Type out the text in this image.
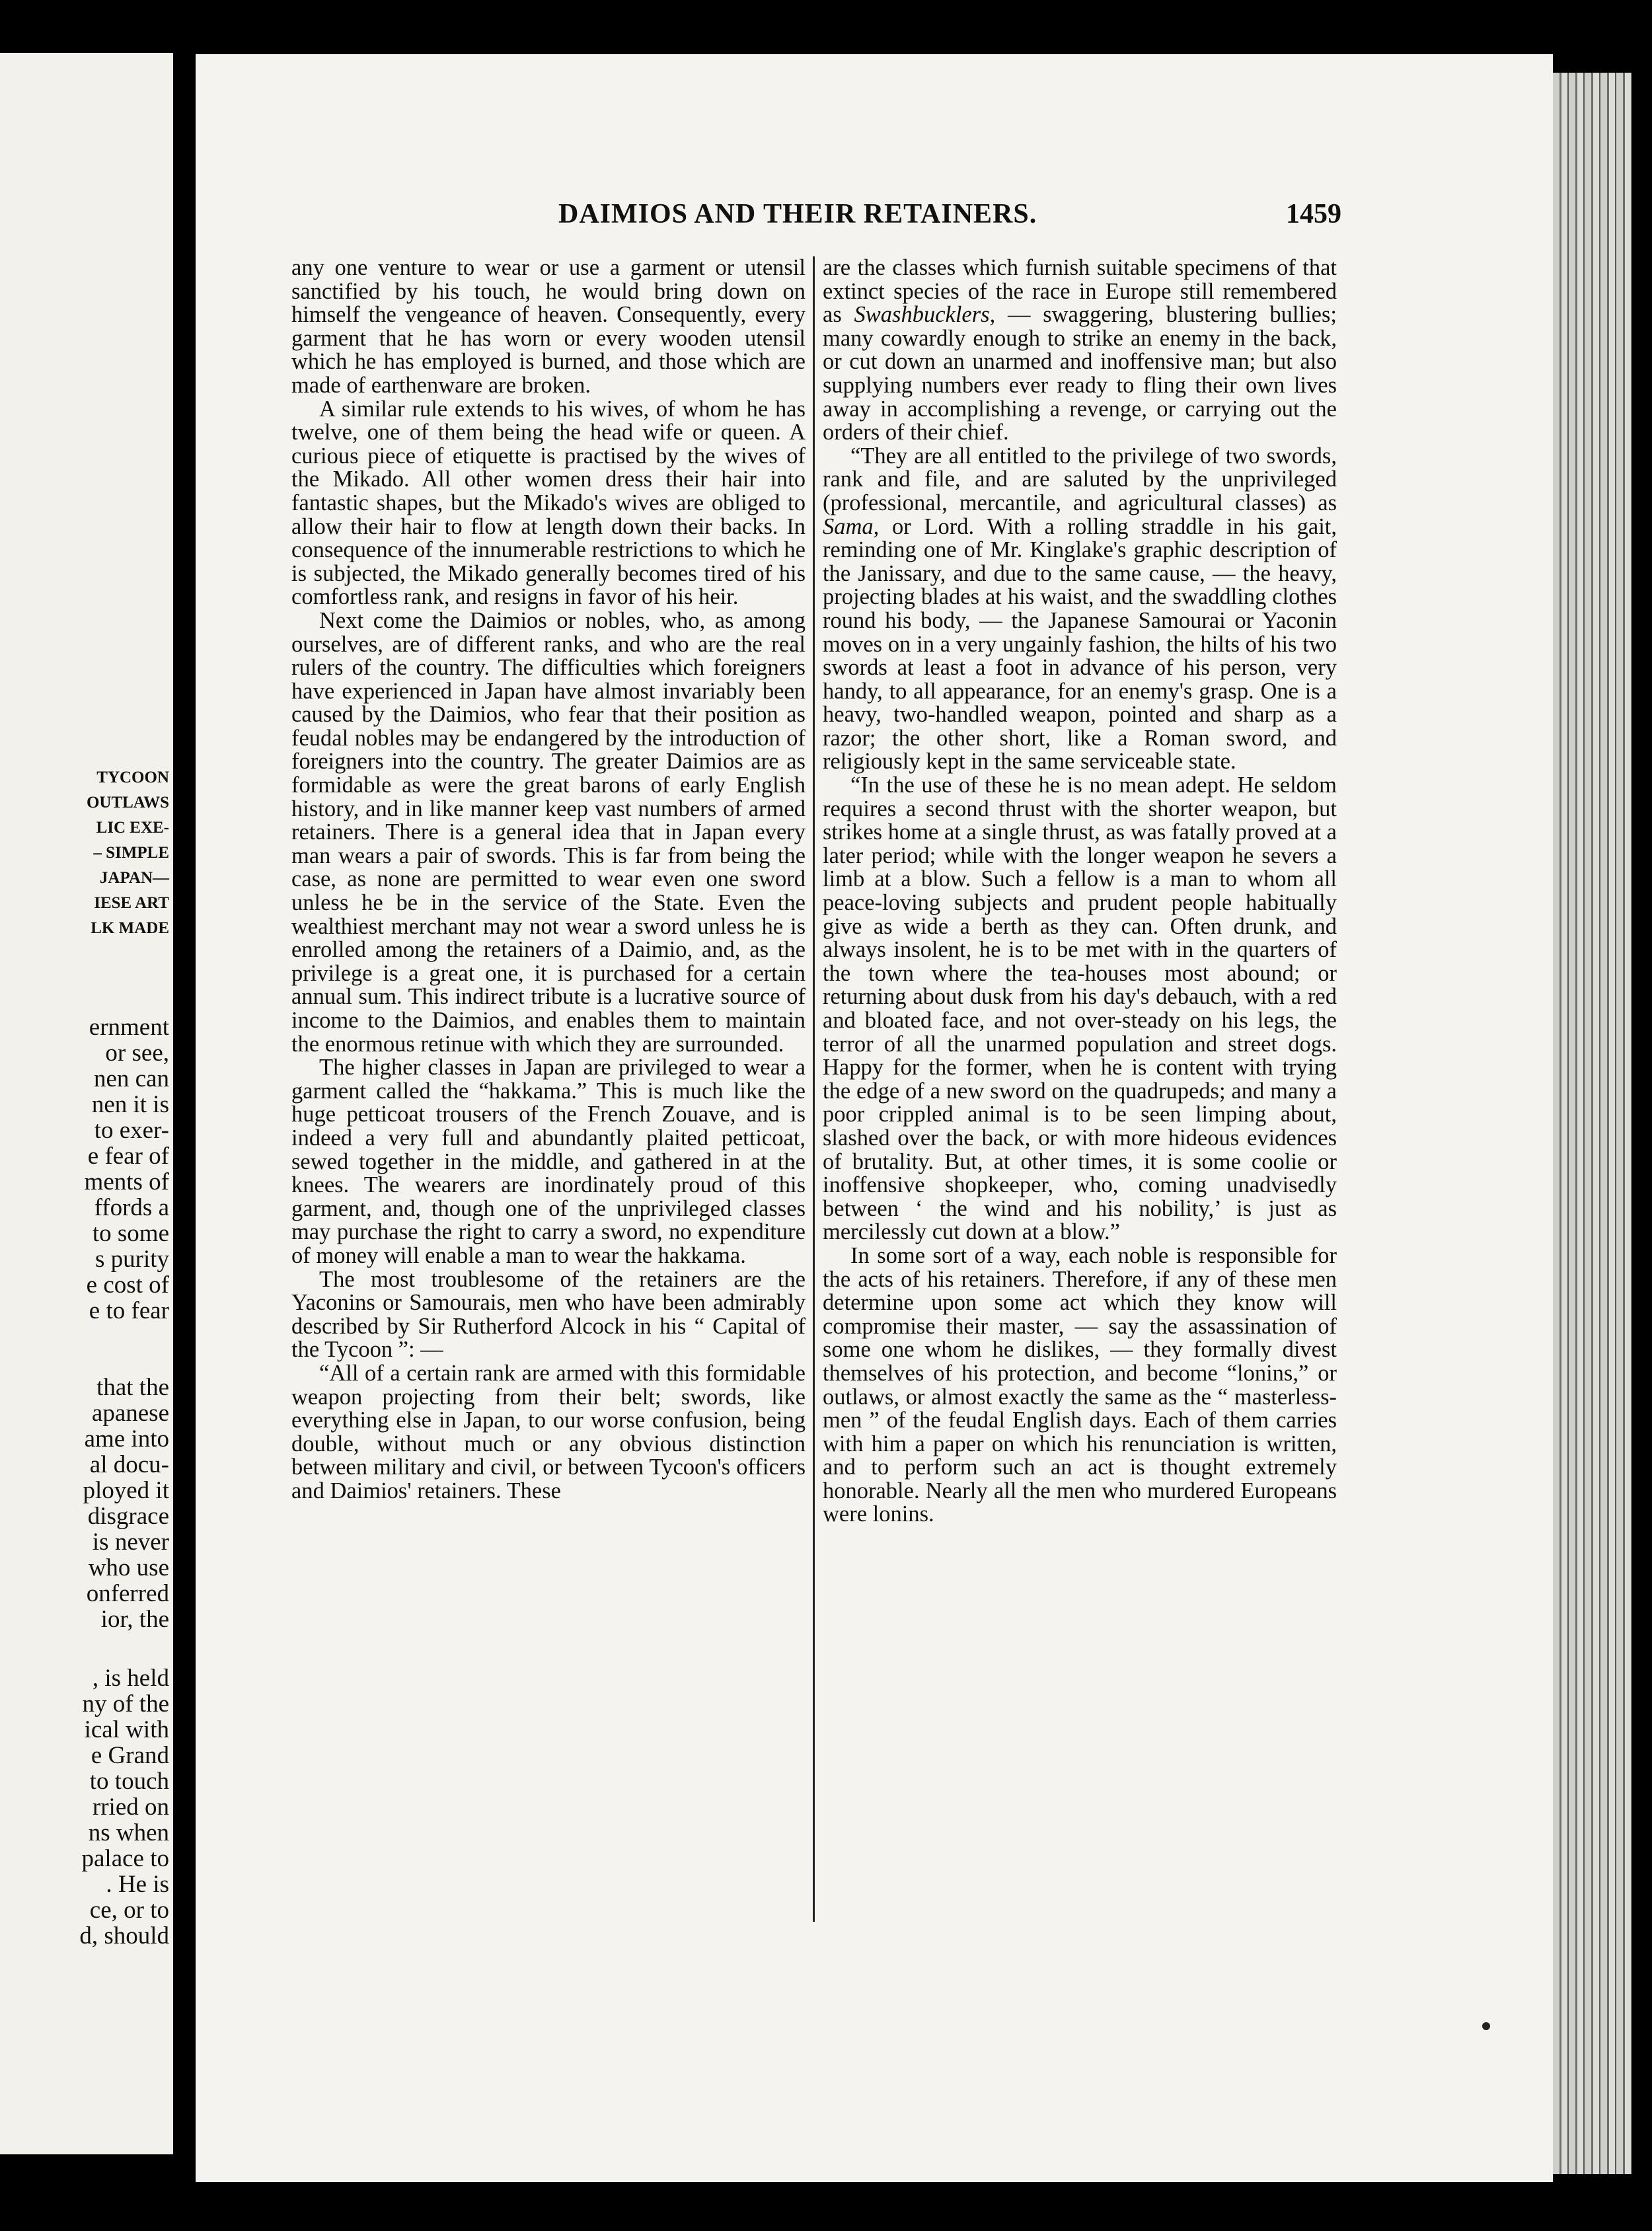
TYCOON
OUTLAWS
LIC EXE-
– SIMPLE
JAPAN—
IESE ART
LK MADE
ernment
or see,
nen can
nen it is
to exer-
e fear of
ments of
ffords a
to some
s purity
e cost of
e to fear
that the
apanese
ame into
al docu-
ployed it
disgrace
is never
who use
onferred
ior, the
, is held
ny of the
ical with
e Grand
to touch
rried on
ns when
palace to
. He is
ce, or to
d, should
DAIMIOS AND THEIR RETAINERS.	1459

any one venture to wear or use a garment or utensil sanctified by his touch, he would bring down on himself the vengeance of heaven. Consequently, every garment that he has worn or every wooden utensil which he has employed is burned, and those which are made of earthenware are broken.

A similar rule extends to his wives, of whom he has twelve, one of them being the head wife or queen. A curious piece of etiquette is practised by the wives of the Mikado. All other women dress their hair into fantastic shapes, but the Mikado's wives are obliged to allow their hair to flow at length down their backs. In consequence of the innumerable restrictions to which he is subjected, the Mikado generally becomes tired of his comfortless rank, and resigns in favor of his heir.

Next come the Daimios or nobles, who, as among ourselves, are of different ranks, and who are the real rulers of the country. The difficulties which foreigners have experienced in Japan have almost invariably been caused by the Daimios, who fear that their position as feudal nobles may be endangered by the introduction of foreigners into the country. The greater Daimios are as formidable as were the great barons of early English history, and in like manner keep vast numbers of armed retainers. There is a general idea that in Japan every man wears a pair of swords. This is far from being the case, as none are permitted to wear even one sword unless he be in the service of the State. Even the wealthiest merchant may not wear a sword unless he is enrolled among the retainers of a Daimio, and, as the privilege is a great one, it is purchased for a certain annual sum. This indirect tribute is a lucrative source of income to the Daimios, and enables them to maintain the enormous retinue with which they are surrounded.

The higher classes in Japan are privileged to wear a garment called the “hakkama.” This is much like the huge petticoat trousers of the French Zouave, and is indeed a very full and abundantly plaited petticoat, sewed together in the middle, and gathered in at the knees. The wearers are inordinately proud of this garment, and, though one of the unprivileged classes may purchase the right to carry a sword, no expenditure of money will enable a man to wear the hakkama.

The most troublesome of the retainers are the Yaconins or Samourais, men who have been admirably described by Sir Rutherford Alcock in his “ Capital of the Tycoon ”: —

“All of a certain rank are armed with this formidable weapon projecting from their belt; swords, like everything else in Japan, to our worse confusion, being double, without much or any obvious distinction between military and civil, or between Tycoon's officers and Daimios' retainers. These

are the classes which furnish suitable specimens of that extinct species of the race in Europe still remembered as Swashbucklers, — swaggering, blustering bullies; many cowardly enough to strike an enemy in the back, or cut down an unarmed and inoffensive man; but also supplying numbers ever ready to fling their own lives away in accomplishing a revenge, or carrying out the orders of their chief.

“They are all entitled to the privilege of two swords, rank and file, and are saluted by the unprivileged (professional, mercantile, and agricultural classes) as Sama, or Lord. With a rolling straddle in his gait, reminding one of Mr. Kinglake's graphic description of the Janissary, and due to the same cause, — the heavy, projecting blades at his waist, and the swaddling clothes round his body, — the Japanese Samourai or Yaconin moves on in a very ungainly fashion, the hilts of his two swords at least a foot in advance of his person, very handy, to all appearance, for an enemy's grasp. One is a heavy, two-handled weapon, pointed and sharp as a razor; the other short, like a Roman sword, and religiously kept in the same serviceable state.

“In the use of these he is no mean adept. He seldom requires a second thrust with the shorter weapon, but strikes home at a single thrust, as was fatally proved at a later period; while with the longer weapon he severs a limb at a blow. Such a fellow is a man to whom all peace-loving subjects and prudent people habitually give as wide a berth as they can. Often drunk, and always insolent, he is to be met with in the quarters of the town where the tea-houses most abound; or returning about dusk from his day's debauch, with a red and bloated face, and not over-steady on his legs, the terror of all the unarmed population and street dogs. Happy for the former, when he is content with trying the edge of a new sword on the quadrupeds; and many a poor crippled animal is to be seen limping about, slashed over the back, or with more hideous evidences of brutality. But, at other times, it is some coolie or inoffensive shopkeeper, who, coming unadvisedly between ‘ the wind and his nobility,’ is just as mercilessly cut down at a blow.”

In some sort of a way, each noble is responsible for the acts of his retainers. Therefore, if any of these men determine upon some act which they know will compromise their master, — say the assassination of some one whom he dislikes, — they formally divest themselves of his protection, and become “lonins,” or outlaws, or almost exactly the same as the “ masterless-men ” of the feudal English days. Each of them carries with him a paper on which his renunciation is written, and to perform such an act is thought extremely honorable. Nearly all the men who murdered Europeans were lonins.
